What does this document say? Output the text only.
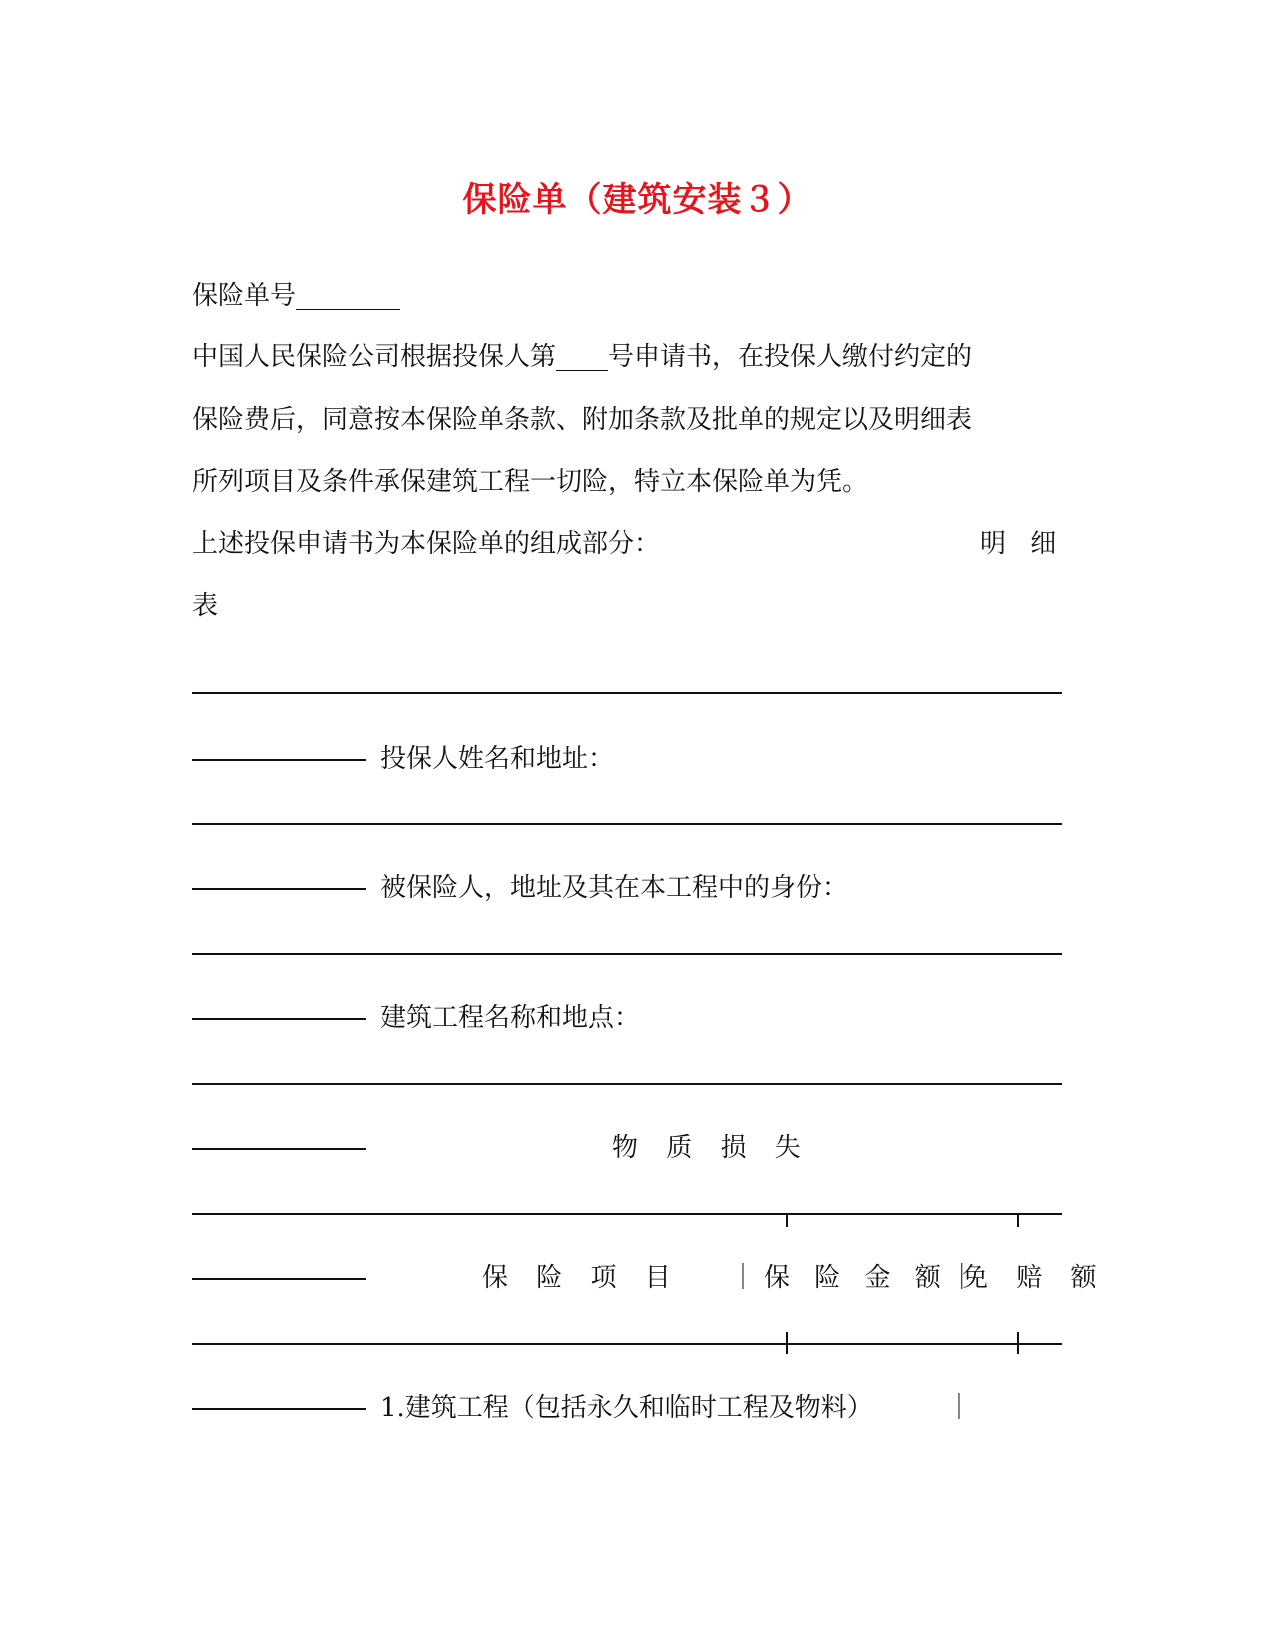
保险单（建筑安装３）
保险单号________
中国人民保险公司根据投保人第____号申请书，在投保人缴付约定的
保险费后，同意按本保险单条款、附加条款及批单的规定以及明细表
所列项目及条件承保建筑工程一切险，特立本保险单为凭。
上述投保申请书为本保险单的组成部分：	明 细
表
投保人姓名和地址：
被保险人，地址及其在本工程中的身份：
建筑工程名称和地点：
物 质 损 失
保 险 项 目 ｜保 险 金 额｜
免 赔 额
1.建筑工程（包括永久和临时工程及物料）	｜
